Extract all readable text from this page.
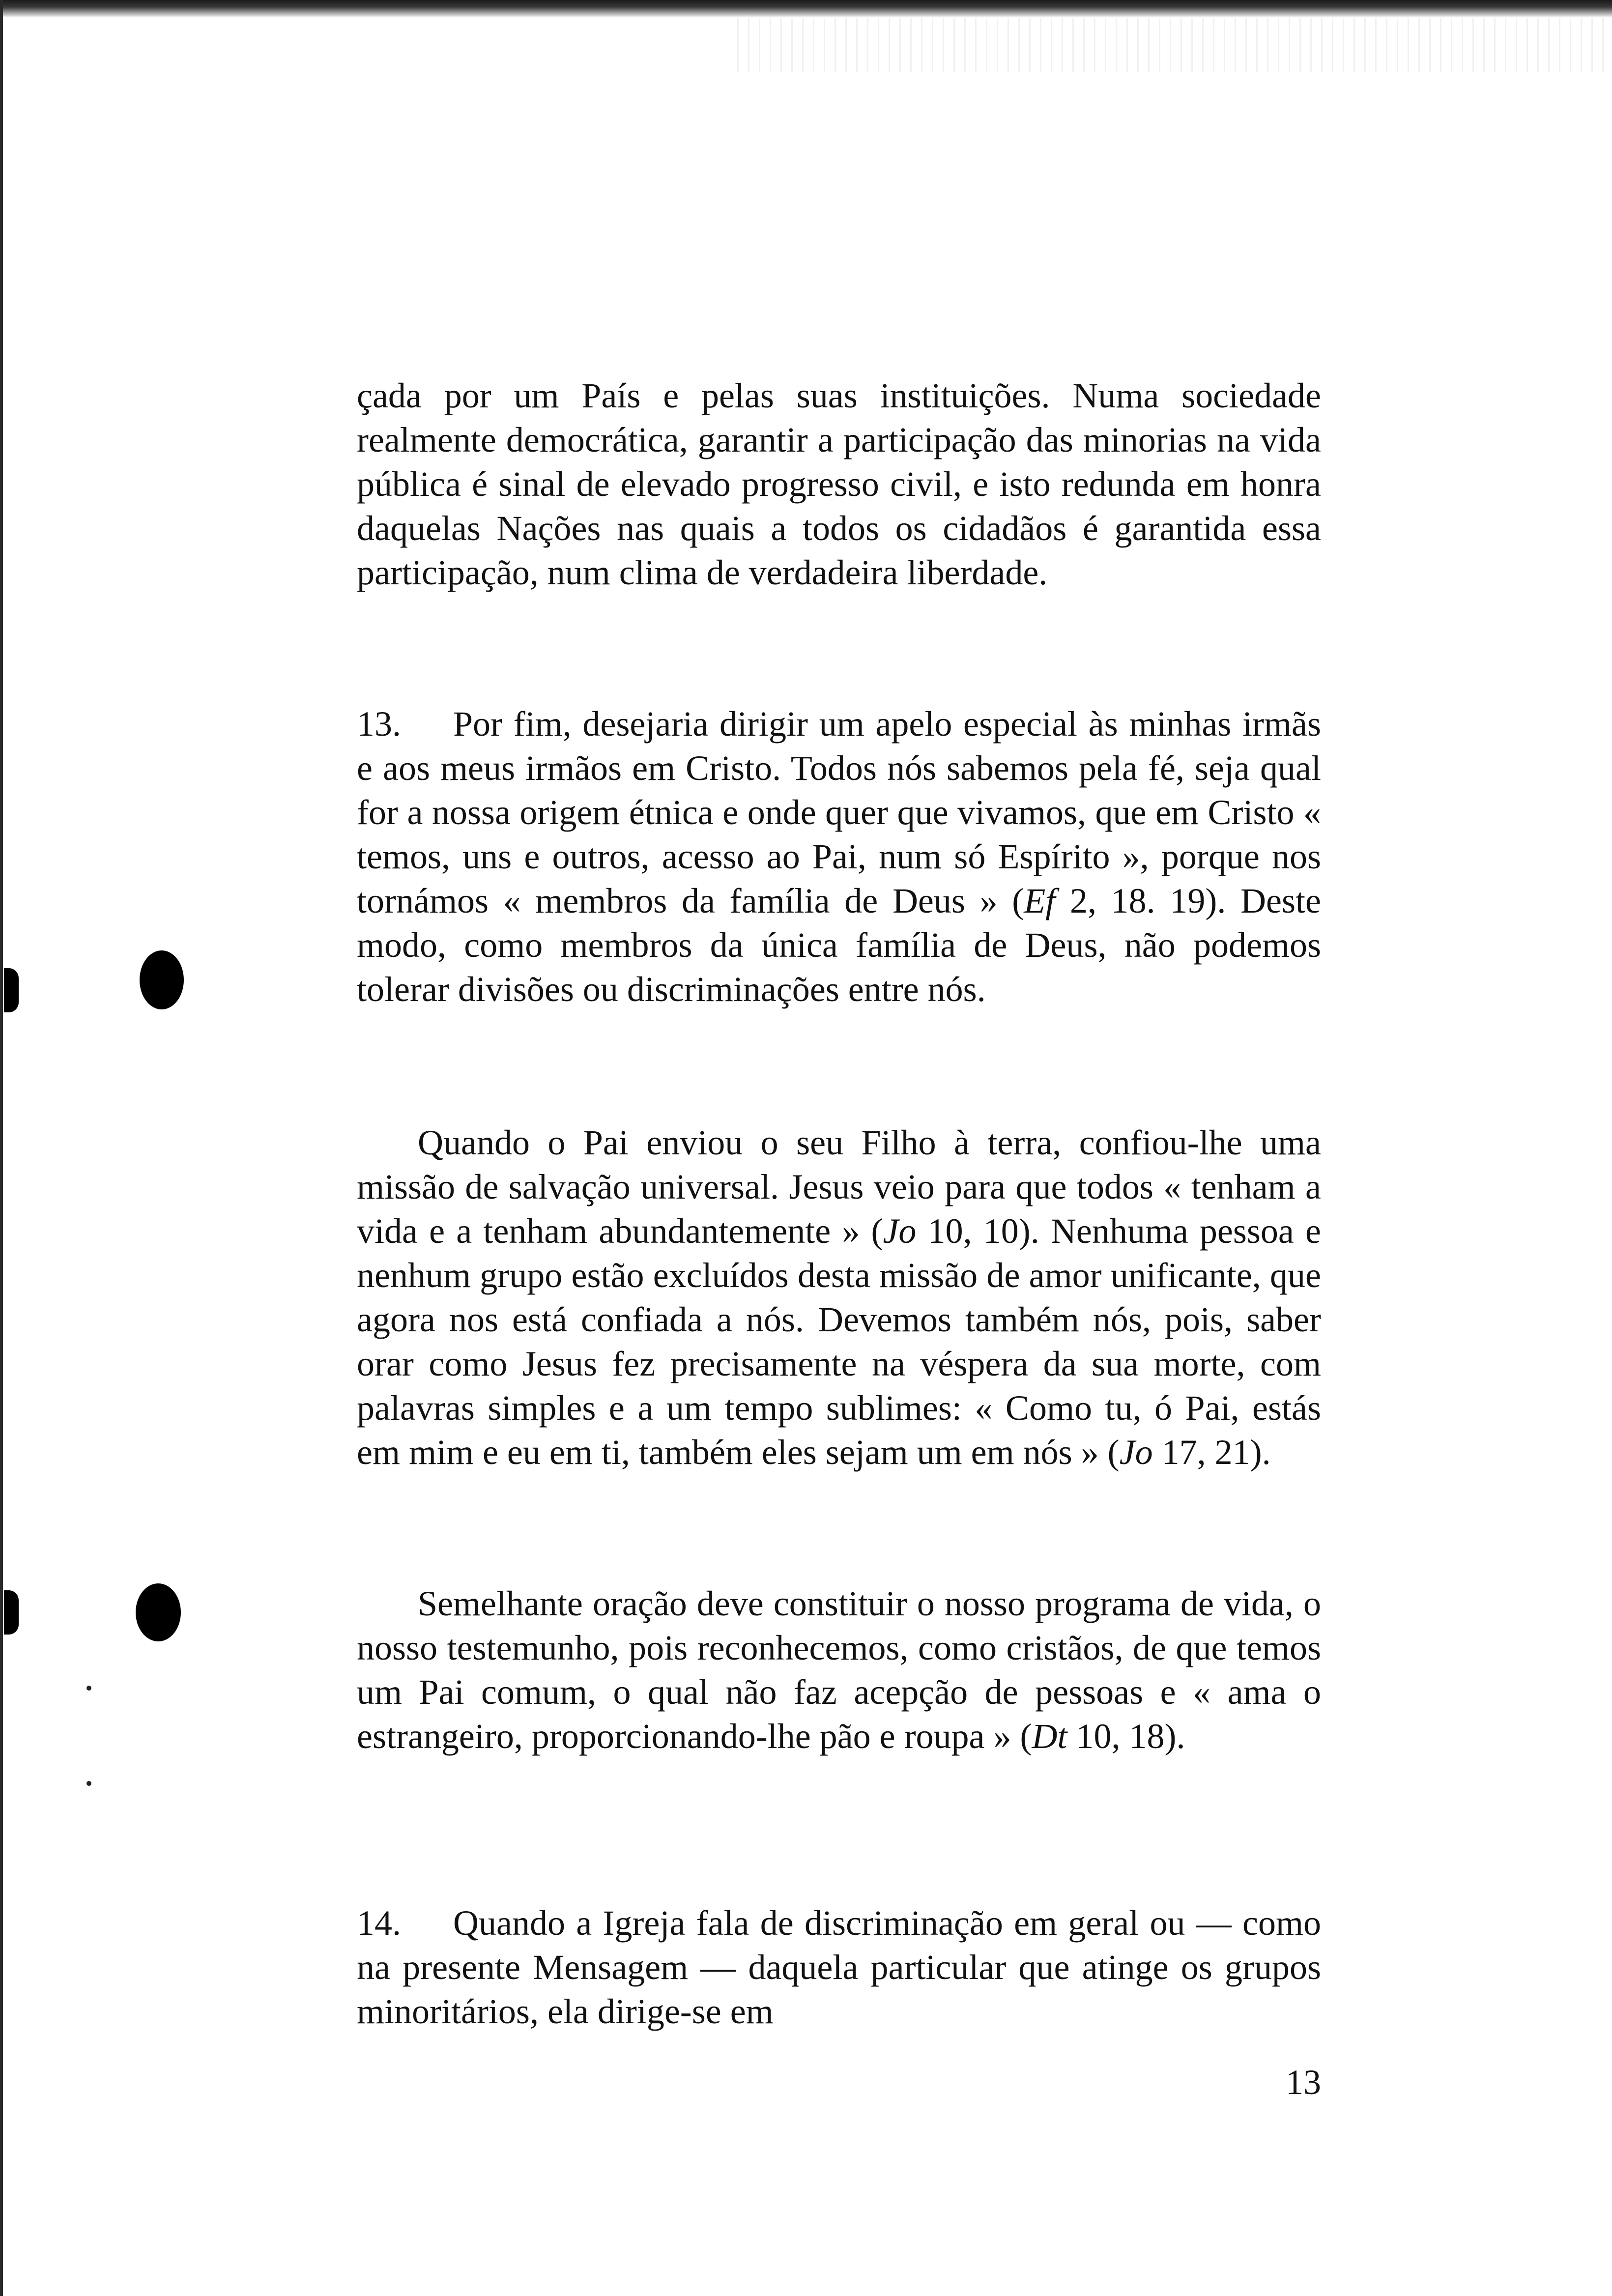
çada por um País e pelas suas instituições. Numa sociedade realmente democrática, garantir a participação das minorias na vida pública é sinal de elevado progresso civil, e isto redunda em honra daquelas Nações nas quais a todos os cidadãos é garantida essa participação, num clima de verdadeira liberdade.

13. Por fim, desejaria dirigir um apelo especial às minhas irmãs e aos meus irmãos em Cristo. Todos nós sabemos pela fé, seja qual for a nossa origem étnica e onde quer que vivamos, que em Cristo « temos, uns e outros, acesso ao Pai, num só Espírito », porque nos tornámos « membros da família de Deus » (Ef 2, 18. 19). Deste modo, como membros da única família de Deus, não podemos tolerar divisões ou discriminações entre nós.

Quando o Pai enviou o seu Filho à terra, confiou-lhe uma missão de salvação universal. Jesus veio para que todos « tenham a vida e a tenham abundantemente » (Jo 10, 10). Nenhuma pessoa e nenhum grupo estão excluídos desta missão de amor unificante, que agora nos está confiada a nós. Devemos também nós, pois, saber orar como Jesus fez precisamente na véspera da sua morte, com palavras simples e a um tempo sublimes: « Como tu, ó Pai, estás em mim e eu em ti, também eles sejam um em nós » (Jo 17, 21).

Semelhante oração deve constituir o nosso programa de vida, o nosso testemunho, pois reconhecemos, como cristãos, de que temos um Pai comum, o qual não faz acepção de pessoas e « ama o estrangeiro, proporcionando-lhe pão e roupa » (Dt 10, 18).

14. Quando a Igreja fala de discriminação em geral ou — como na presente Mensagem — daquela particular que atinge os grupos minoritários, ela dirige-se em

13
